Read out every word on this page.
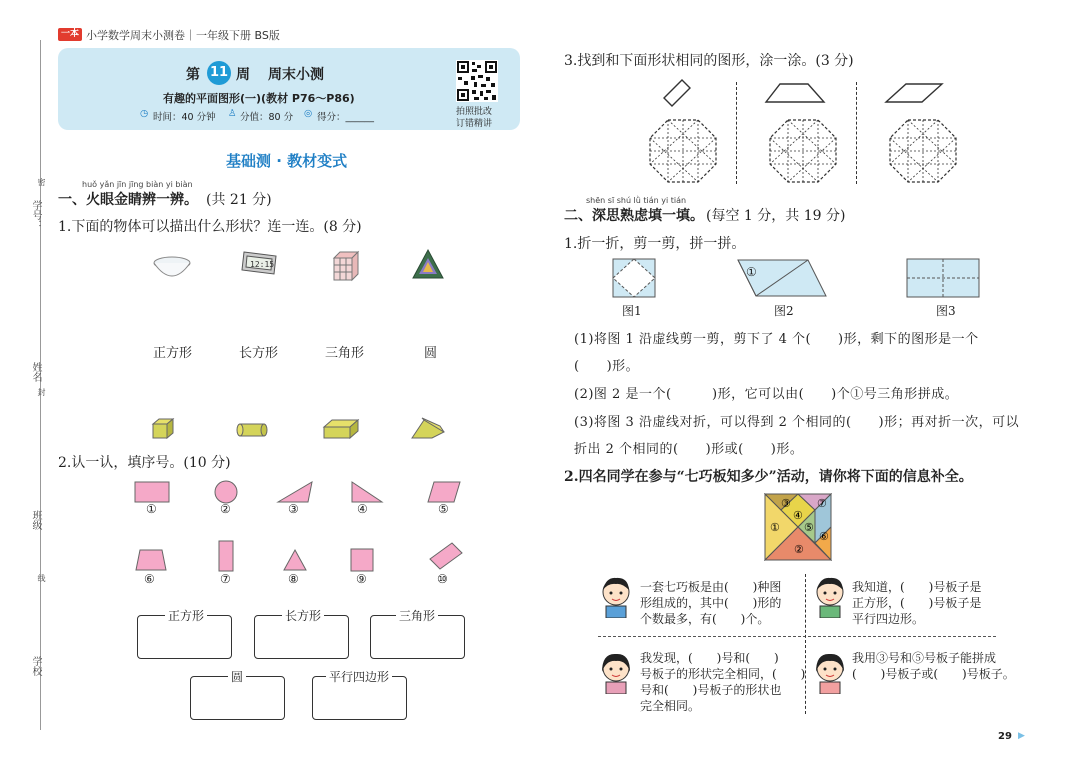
一本 小学数学周末小测卷｜一年级下册 BS版
学号：
密
姓名
封
班级
线
学校
第 11 周 周末小测
有趣的平面图形(一)(教材 P76～P86)
◷ 时间：40 分钟 ♙ 分值：80 分 ◎ 得分：______	拍照批改
订错精讲
基础测 · 教材变式
huǒ yǎn jīn jīng biàn yi biàn
一、火眼金睛辨一辨。 (共 21 分)
1.下面的物体可以描出什么形状？连一连。(8 分)
12:15
正方形	长方形	三角形	圆
2.认一认，填序号。(10 分)
①	②	③	④	⑤
⑥	⑦	⑧	⑨	⑩
正方形	长方形	三角形
圆	平行四边形
3.找到和下面形状相同的图形，涂一涂。(3 分)
shēn sī shú lǜ tián yi tián
二、深思熟虑填一填。 (每空 1 分，共 19 分)
1.折一折，剪一剪，拼一拼。
①
图1	图2	图3
(1)将图 1 沿虚线剪一剪，剪下了 4 个(　　)形，剩下的图形是一个
(　　)形。
(2)图 2 是一个(　　　)形，它可以由(　　)个①号三角形拼成。
(3)将图 3 沿虚线对折，可以得到 2 个相同的(　　)形；再对折一次，可以
折出 2 个相同的(　　)形或(　　)形。
2.四名同学在参与“七巧板知多少”活动，请你将下面的信息补全。
③
④
⑦
① ⑤
⑥
②
一套七巧板是由(　　)种图
形组成的，其中(　　)形的
个数最多，有(　　)个。
我知道，(　　)号板子是
正方形，(　　)号板子是
平行四边形。
我发现，(　　)号和(　　)
号板子的形状完全相同，(　　)
号和(　　)号板子的形状也
完全相同。
我用③号和⑤号板子能拼成
(　　)号板子或(　　)号板子。
29 ▶
